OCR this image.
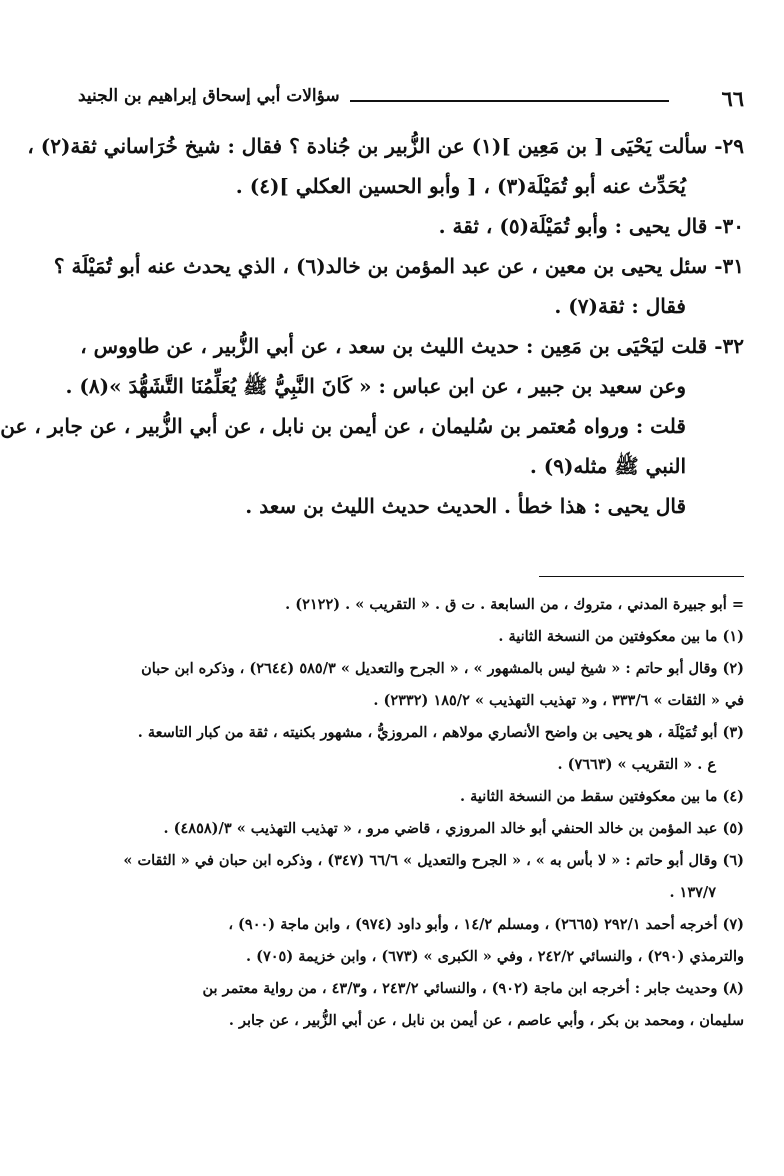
٦٦
سؤالات أبي إسحاق إبراهيم بن الجنيد
٢٩- سألت يَحْيَى [ بن مَعِين ](١) عن الزُّبير بن جُنادة ؟ فقال : شيخ خُرَاساني ثقة(٢) ،
يُحَدِّث عنه أبو تُمَيْلَة(٣) ، [ وأبو الحسين العكلي ](٤) .
٣٠- قال يحيى : وأبو تُمَيْلَة(٥) ، ثقة .
٣١- سئل يحيى بن معين ، عن عبد المؤمن بن خالد(٦) ، الذي يحدث عنه أبو تُمَيْلَة ؟
فقال : ثقة(٧) .
٣٢- قلت ليَحْيَى بن مَعِين : حديث الليث بن سعد ، عن أبي الزُّبير ، عن طاووس ،
وعن سعيد بن جبير ، عن ابن عباس : « كَانَ النَّبِيُّ ﷺ يُعَلِّمُنَا التَّشَهُّدَ »(٨) .
قلت : ورواه مُعتمر بن سُليمان ، عن أيمن بن نابل ، عن أبي الزُّبير ، عن جابر ، عن
النبي ﷺ مثله(٩) .
قال يحيى : هذا خطأ . الحديث حديث الليث بن سعد .
= أبو جبيرة المدني ، متروك ، من السابعة . ت ق . « التقريب » . (٢١٢٢) .
(١) ما بين معكوفتين من النسخة الثانية .
(٢) وقال أبو حاتم : « شيخ ليس بالمشهور » ، « الجرح والتعديل » ٥٨٥/٣ (٢٦٤٤) ، وذكره ابن حبان
في « الثقات » ٣٣٣/٦ ، و« تهذيب التهذيب » ١٨٥/٢ (٢٣٣٢) .
(٣) أبو تُمَيْلَة ، هو يحيى بن واضح الأنصاري مولاهم ، المروزيُّ ، مشهور بكنيته ، ثقة من كبار التاسعة .
ع . « التقريب » (٧٦٦٣) .
(٤) ما بين معكوفتين سقط من النسخة الثانية .
(٥) عبد المؤمن بن خالد الحنفي أبو خالد المروزي ، قاضي مرو ، « تهذيب التهذيب » ٣/(٤٨٥٨) .
(٦) وقال أبو حاتم : « لا بأس به » ، « الجرح والتعديل » ٦٦/٦ (٣٤٧) ، وذكره ابن حبان في « الثقات »
١٣٧/٧ .
(٧) أخرجه أحمد ٢٩٢/١ (٢٦٦٥) ، ومسلم ١٤/٢ ، وأبو داود (٩٧٤) ، وابن ماجة (٩٠٠) ،
والترمذي (٢٩٠) ، والنسائي ٢٤٢/٢ ، وفي « الكبرى » (٦٧٣) ، وابن خزيمة (٧٠٥) .
(٨) وحديث جابر : أخرجه ابن ماجة (٩٠٢) ، والنسائي ٢٤٣/٢ ، و٤٣/٣ ، من رواية معتمر بن
سليمان ، ومحمد بن بكر ، وأبي عاصم ، عن أيمن بن نابل ، عن أبي الزُّبير ، عن جابر .
